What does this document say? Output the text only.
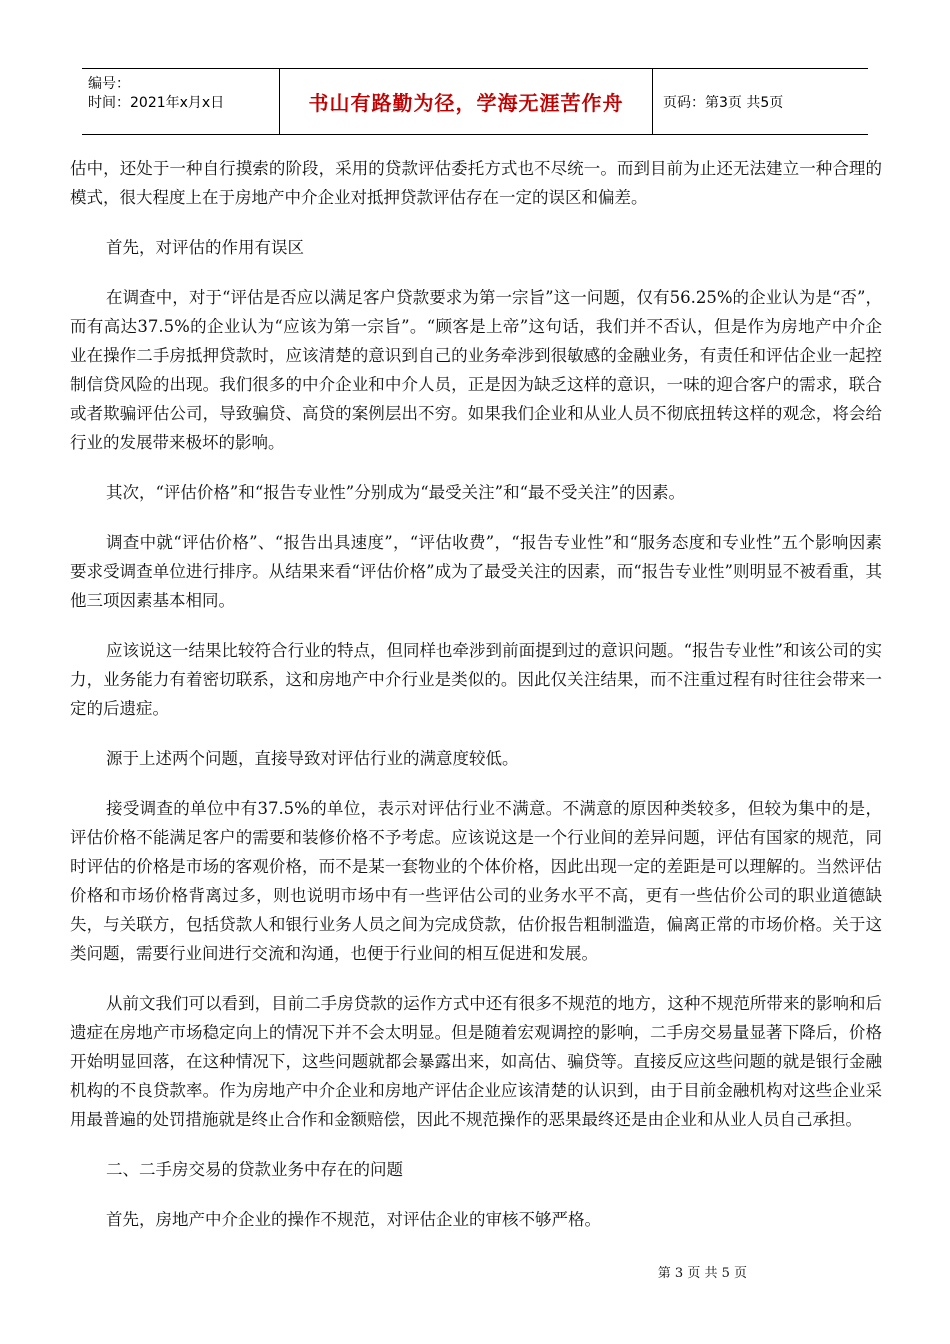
编号：
时间：2021年x月x日	书山有路勤为径，学海无涯苦作舟	页码：第3页 共5页

估中，还处于一种自行摸索的阶段，采用的贷款评估委托方式也不尽统一。而到目前为止还无法建立一种合理的模式，很大程度上在于房地产中介企业对抵押贷款评估存在一定的误区和偏差。

首先，对评估的作用有误区

在调查中，对于“评估是否应以满足客户贷款要求为第一宗旨”这一问题，仅有56.25%的企业认为是“否”，而有高达37.5%的企业认为“应该为第一宗旨”。“顾客是上帝”这句话，我们并不否认，但是作为房地产中介企业在操作二手房抵押贷款时，应该清楚的意识到自己的业务牵涉到很敏感的金融业务，有责任和评估企业一起控制信贷风险的出现。我们很多的中介企业和中介人员，正是因为缺乏这样的意识，一味的迎合客户的需求，联合或者欺骗评估公司，导致骗贷、高贷的案例层出不穷。如果我们企业和从业人员不彻底扭转这样的观念，将会给行业的发展带来极坏的影响。

其次，“评估价格”和“报告专业性”分别成为“最受关注”和“最不受关注”的因素。

调查中就“评估价格”、“报告出具速度”，“评估收费”，“报告专业性”和“服务态度和专业性”五个影响因素要求受调查单位进行排序。从结果来看“评估价格”成为了最受关注的因素，而“报告专业性”则明显不被看重，其他三项因素基本相同。

应该说这一结果比较符合行业的特点，但同样也牵涉到前面提到过的意识问题。“报告专业性”和该公司的实力，业务能力有着密切联系，这和房地产中介行业是类似的。因此仅关注结果，而不注重过程有时往往会带来一定的后遗症。

源于上述两个问题，直接导致对评估行业的满意度较低。

接受调查的单位中有37.5%的单位，表示对评估行业不满意。不满意的原因种类较多，但较为集中的是，评估价格不能满足客户的需要和装修价格不予考虑。应该说这是一个行业间的差异问题，评估有国家的规范，同时评估的价格是市场的客观价格，而不是某一套物业的个体价格，因此出现一定的差距是可以理解的。当然评估价格和市场价格背离过多，则也说明市场中有一些评估公司的业务水平不高，更有一些估价公司的职业道德缺失，与关联方，包括贷款人和银行业务人员之间为完成贷款，估价报告粗制滥造，偏离正常的市场价格。关于这类问题，需要行业间进行交流和沟通，也便于行业间的相互促进和发展。

从前文我们可以看到，目前二手房贷款的运作方式中还有很多不规范的地方，这种不规范所带来的影响和后遗症在房地产市场稳定向上的情况下并不会太明显。但是随着宏观调控的影响，二手房交易量显著下降后，价格开始明显回落，在这种情况下，这些问题就都会暴露出来，如高估、骗贷等。直接反应这些问题的就是银行金融机构的不良贷款率。作为房地产中介企业和房地产评估企业应该清楚的认识到，由于目前金融机构对这些企业采用最普遍的处罚措施就是终止合作和金额赔偿，因此不规范操作的恶果最终还是由企业和从业人员自己承担。

二、二手房交易的贷款业务中存在的问题

首先，房地产中介企业的操作不规范，对评估企业的审核不够严格。

第 3 页 共 5 页
